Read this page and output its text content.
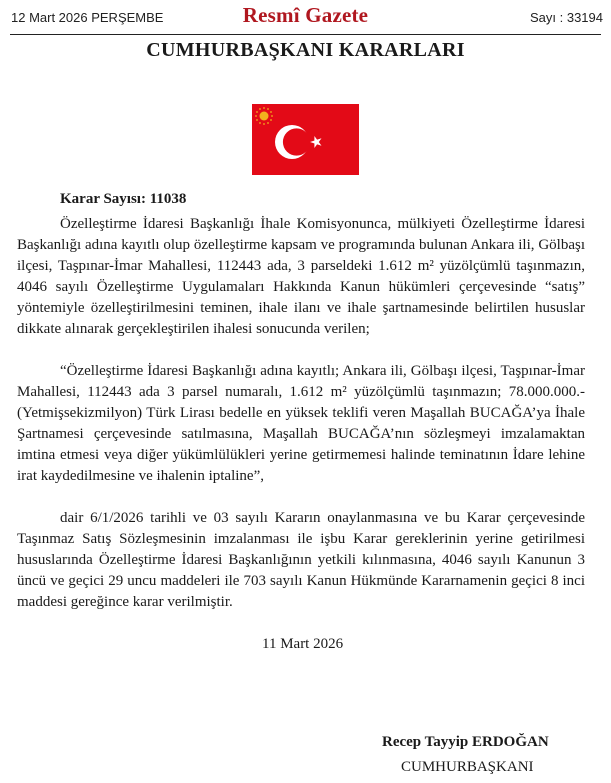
12 Mart 2026 PERŞEMBE	Resmî Gazete	Sayı : 33194
CUMHURBAŞKANI KARARLARI
Karar Sayısı: 11038

Özelleştirme İdaresi Başkanlığı İhale Komisyonunca, mülkiyeti Özelleştirme İdaresi Başkanlığı adına kayıtlı olup özelleştirme kapsam ve programında bulunan Ankara ili, Gölbaşı ilçesi, Taşpınar-İmar Mahallesi, 112443 ada, 3 parseldeki 1.612 m² yüzölçümlü taşınmazın, 4046 sayılı Özelleştirme Uygulamaları Hakkında Kanun hükümleri çerçevesinde “satış” yöntemiyle özelleştirilmesini teminen, ihale ilanı ve ihale şartnamesinde belirtilen hususlar dikkate alınarak gerçekleştirilen ihalesi sonucunda verilen;

“Özelleştirme İdaresi Başkanlığı adına kayıtlı; Ankara ili, Gölbaşı ilçesi, Taşpınar-İmar Mahallesi, 112443 ada 3 parsel numaralı, 1.612 m² yüzölçümlü taşınmazın; 78.000.000.- (Yetmişsekizmilyon) Türk Lirası bedelle en yüksek teklifi veren Maşallah BUCAĞA’ya İhale Şartnamesi çerçevesinde satılmasına, Maşallah BUCAĞA’nın sözleşmeyi imzalamaktan imtina etmesi veya diğer yükümlülükleri yerine getirmemesi halinde teminatının İdare lehine irat kaydedilmesine ve ihalenin iptaline”,

dair 6/1/2026 tarihli ve 03 sayılı Kararın onaylanmasına ve bu Karar çerçevesinde Taşınmaz Satış Sözleşmesinin imzalanması ile işbu Karar gereklerinin yerine getirilmesi hususlarında Özelleştirme İdaresi Başkanlığının yetkili kılınmasına, 4046 sayılı Kanunun 3 üncü ve geçici 29 uncu maddeleri ile 703 sayılı Kanun Hükmünde Kararnamenin geçici 8 inci maddesi gereğince karar verilmiştir.

11 Mart 2026
Recep Tayyip ERDOĞAN
CUMHURBAŞKANI
